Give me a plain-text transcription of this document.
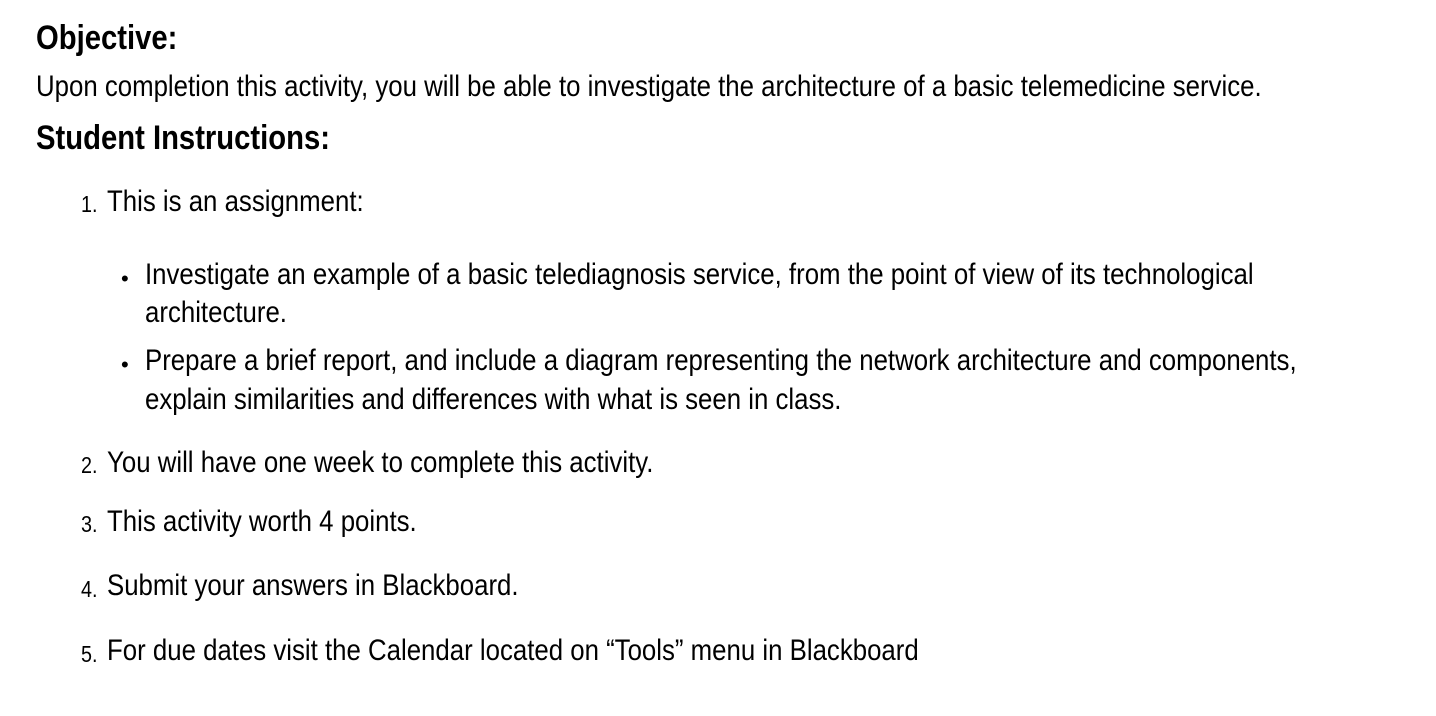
Objective:
Upon completion this activity, you will be able to investigate the architecture of a basic telemedicine service.
Student Instructions:
1. This is an assignment:
• Investigate an example of a basic telediagnosis service, from the point of view of its technological
architecture.
• Prepare a brief report, and include a diagram representing the network architecture and components,
explain similarities and differences with what is seen in class.
2. You will have one week to complete this activity.
3. This activity worth 4 points.
4. Submit your answers in Blackboard.
5. For due dates visit the Calendar located on “Tools” menu in Blackboard
